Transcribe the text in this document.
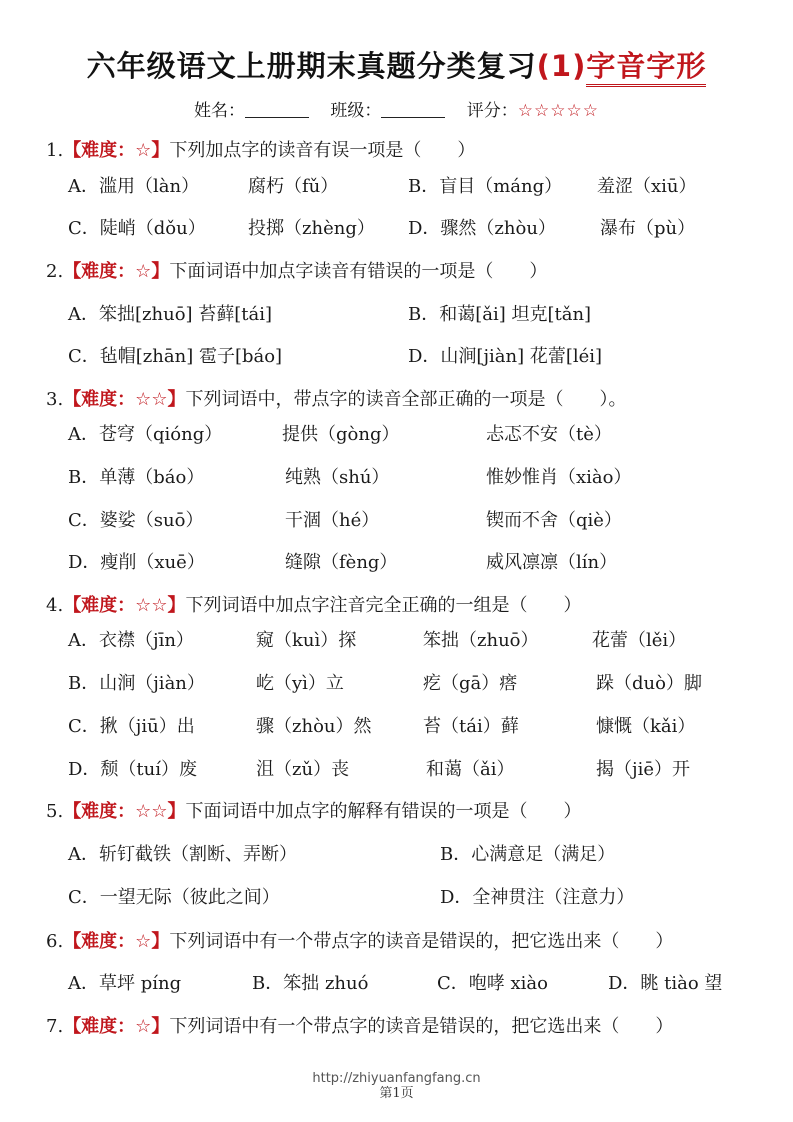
六年级语文上册期末真题分类复习(1)字音字形
姓名：	班级：	评分：☆☆☆☆☆
1.【难度：☆】下列加点字的读音有误一项是（　　）
A．滥用（làn）	腐朽（fǔ）	B．盲目（máng） 羞涩（xiū）
C．陡峭（dǒu） 投掷（zhèng） D．骤然（zhòu） 瀑布（pù）
2.【难度：☆】下面词语中加点字读音有错误的一项是（　　）
A．笨拙[zhuō] 苔藓[tái]	B．和蔼[ǎi] 坦克[tǎn]
C．毡帽[zhān] 雹子[báo]	D．山涧[jiàn] 花蕾[léi]
3.【难度：☆☆】下列词语中，带点字的读音全部正确的一项是（　　）。
A．苍穹（qióng）	提供（gòng）	忐忑不安（tè）
B．单薄（báo）	纯熟（shú）	惟妙惟肖（xiào）
C．婆娑（suō）	干涸（hé）	锲而不舍（qiè）
D．瘦削（xuē）	缝隙（fèng）	威风凛凛（lín）
4.【难度：☆☆】下列词语中加点字注音完全正确的一组是（　　）
A．衣襟（jīn）	窥（kuì）探	笨拙（zhuō）	花蕾（lěi）
B．山涧（jiàn）	屹（yì）立	疙（gā）瘩	跺（duò）脚
C．揪（jiū）出	骤（zhòu）然	苔（tái）藓	慷慨（kǎi）
D．颓（tuí）废	沮（zǔ）丧	和蔼（ǎi）	揭（jiē）开
5.【难度：☆☆】下面词语中加点字的解释有错误的一项是（　　）
A．斩钉截铁（割断、弄断）	B．心满意足（满足）
C．一望无际（彼此之间）	D．全神贯注（注意力）
6.【难度：☆】下列词语中有一个带点字的读音是错误的，把它选出来（　　）
A．草坪 píng	B．笨拙 zhuó	C．咆哮 xiào	D．眺 tiào 望
7.【难度：☆】下列词语中有一个带点字的读音是错误的，把它选出来（　　）
http://zhiyuanfangfang.cn
第1页
